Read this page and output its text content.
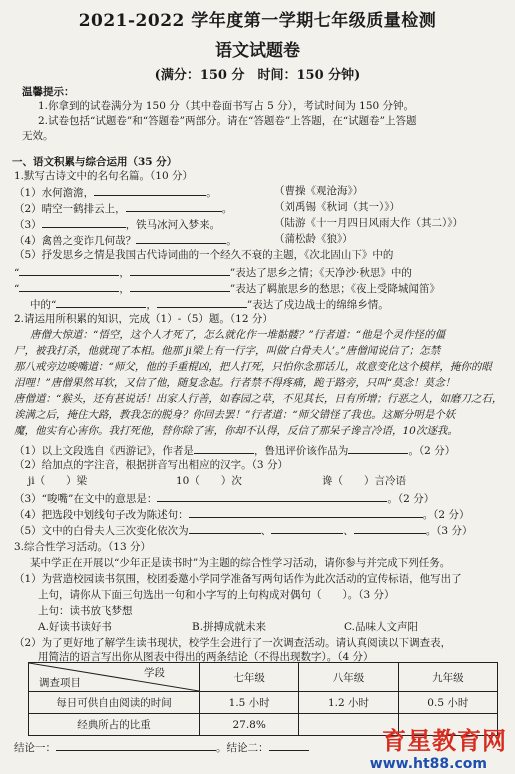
2021-2022 学年度第一学期七年级质量检测
语文试题卷
(满分：150 分　时间：150 分钟)
温馨提示：
1.你拿到的试卷满分为 150 分（其中卷面书写占 5 分），考试时间为 150 分钟。
2.试卷包括“试题卷”和“答题卷”两部分。请在“答题卷”上答题，在“试题卷”上答题
无效。
一、语文积累与综合运用（35 分）
1.默写古诗文中的名句名篇。（10 分）
（1）水何澹澹，	。	（曹操《观沧海》）
（2）晴空一鹤排云上，	。	（刘禹锡《秋词（其一）》）
（3）	，铁马冰河入梦来。	（陆游《十一月四日风雨大作（其二）》）
（4）禽兽之变诈几何哉？	。	（蒲松龄《狼》）
（5）抒发思乡之情是我国古代诗词曲的一个经久不衰的主题，《次北固山下》中的
“	，	”表达了思乡之情；《天净沙·秋思》中的
“	，	”表达了羁旅思乡的愁思；《夜上受降城闻笛》
中的“	，	”表达了戍边战士的绵绵乡情。
2.请运用所积累的知识，完成（1）-（5）题。（12 分）
唐僧大惊道：“悟空，这个人才死了，怎么就化作一堆骷髅？”行者道：“他是个灵作怪的僵
尸，被我打杀，他就现了本相。他那 ji梁上有一行字，叫做‘白骨夫人’。”唐僧闻说信了；怎禁
那八戒旁边唆嘴道：“师父，他的手重棍凶，把人打死，只怕你念那话儿，故意变化这个模样，掩你的眼
泪哩！”唐僧果然耳软，又信了他，随复念起。行者禁不得疼痛，跪于路旁，只叫“莫念！莫念！
唐僧道：“猴头，还有甚说话！出家人行善，如春园之草，不见其长，日有所增；行恶之人，如磨刀之石，
诶满之后，掩住大路，教我怎的脱身？你回去罢！”行者道：“师父错怪了我也。这厮分明是个妖
魔，他实有心害你。我打死他，替你除了害，你却不认得，反信了那呆子谗言冷语，10次逐我。
（1）以上文段选自《西游记》，作者是	，鲁迅评价该作品为	。（2 分）
（2）给加点的字注音，根据拼音写出相应的汉字。（3 分）
ji（　　）梁	10（　　）次	谗（　　）言冷语
（3）“唆嘴”在文中的意思是：	。（2 分）
（4）把选段中划线句子改为陈述句：	。（2 分）
（5）文中的白骨夫人三次变化依次为	、	、	。（3 分）
3.综合性学习活动。（13 分）
某中学正在开展以“少年正是读书时”为主题的综合性学习活动，请你参与并完成下列任务。
（1）为营造校园读书氛围，校团委邀小学同学准备写两句话作为此次活动的宣传标语，他写出了
上句，请你从下面三句选出一句和小字写的上句构成对偶句（　　）。（3 分）
上句：读书放飞梦想
A.好读书读好书	B.拼搏成就未来	C.品味人文声阳
（2）为了更好地了解学生读书现状，校学生会进行了一次调查活动。请认真阅读以下调查表，
用简洁的语言写出你从图表中得出的两条结论（不得出现数字）。（4 分）
学段
调查项目	七年级	八年级	九年级
每日可供自由阅读的时间	1.5 小时	1.2 小时	0.5 小时
经典所占的比重	27.8%		
结论一：	。结论二：	育星教育网
www.ht88.com
